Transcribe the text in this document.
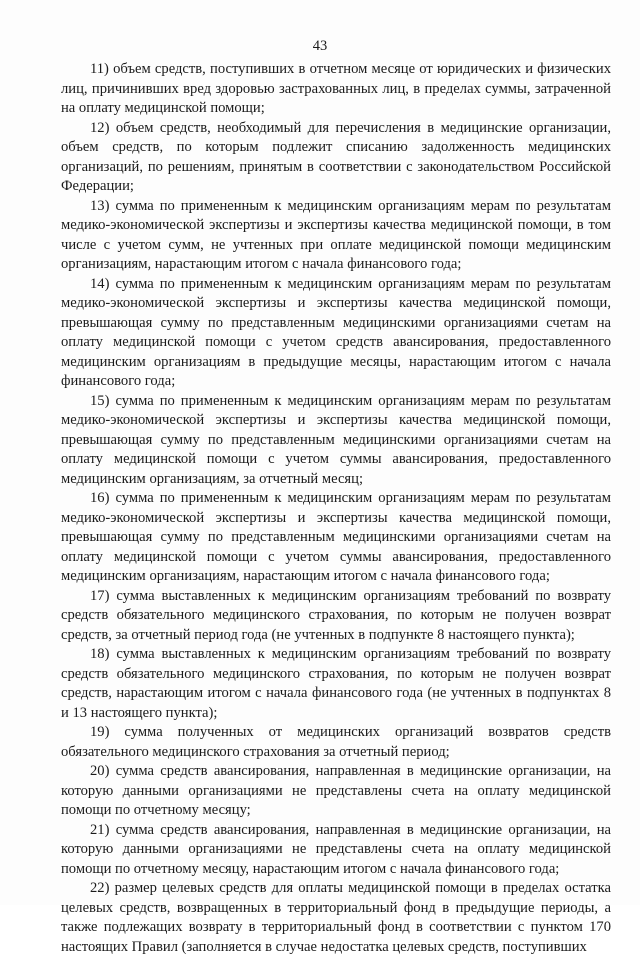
43

11) объем средств, поступивших в отчетном месяце от юридических и физических лиц, причинивших вред здоровью застрахованных лиц, в пределах суммы, затраченной на оплату медицинской помощи;

12) объем средств, необходимый для перечисления в медицинские организации, объем средств, по которым подлежит списанию задолженность медицинских организаций, по решениям, принятым в соответствии с законодательством Российской Федерации;

13) сумма по примененным к медицинским организациям мерам по результатам медико-экономической экспертизы и экспертизы качества медицинской помощи, в том числе с учетом сумм, не учтенных при оплате медицинской помощи медицинским организациям, нарастающим итогом с начала финансового года;

14) сумма по примененным к медицинским организациям мерам по результатам медико-экономической экспертизы и экспертизы качества медицинской помощи, превышающая сумму по представленным медицинскими организациями счетам на оплату медицинской помощи с учетом средств авансирования, предоставленного медицинским организациям в предыдущие месяцы, нарастающим итогом с начала финансового года;

15) сумма по примененным к медицинским организациям мерам по результатам медико-экономической экспертизы и экспертизы качества медицинской помощи, превышающая сумму по представленным медицинскими организациями счетам на оплату медицинской помощи с учетом суммы авансирования, предоставленного медицинским организациям, за отчетный месяц;

16) сумма по примененным к медицинским организациям мерам по результатам медико-экономической экспертизы и экспертизы качества медицинской помощи, превышающая сумму по представленным медицинскими организациями счетам на оплату медицинской помощи с учетом суммы авансирования, предоставленного медицинским организациям, нарастающим итогом с начала финансового года;

17) сумма выставленных к медицинским организациям требований по возврату средств обязательного медицинского страхования, по которым не получен возврат средств, за отчетный период года (не учтенных в подпункте 8 настоящего пункта);

18) сумма выставленных к медицинским организациям требований по возврату средств обязательного медицинского страхования, по которым не получен возврат средств, нарастающим итогом с начала финансового года (не учтенных в подпунктах 8 и 13 настоящего пункта);

19) сумма полученных от медицинских организаций возвратов средств обязательного медицинского страхования за отчетный период;

20) сумма средств авансирования, направленная в медицинские организации, на которую данными организациями не представлены счета на оплату медицинской помощи по отчетному месяцу;

21) сумма средств авансирования, направленная в медицинские организации, на которую данными организациями не представлены счета на оплату медицинской помощи по отчетному месяцу, нарастающим итогом с начала финансового года;

22) размер целевых средств для оплаты медицинской помощи в пределах остатка целевых средств, возвращенных в территориальный фонд в предыдущие периоды, а также подлежащих возврату в территориальный фонд в соответствии с пунктом 170 настоящих Правил (заполняется в случае недостатка целевых средств, поступивших
